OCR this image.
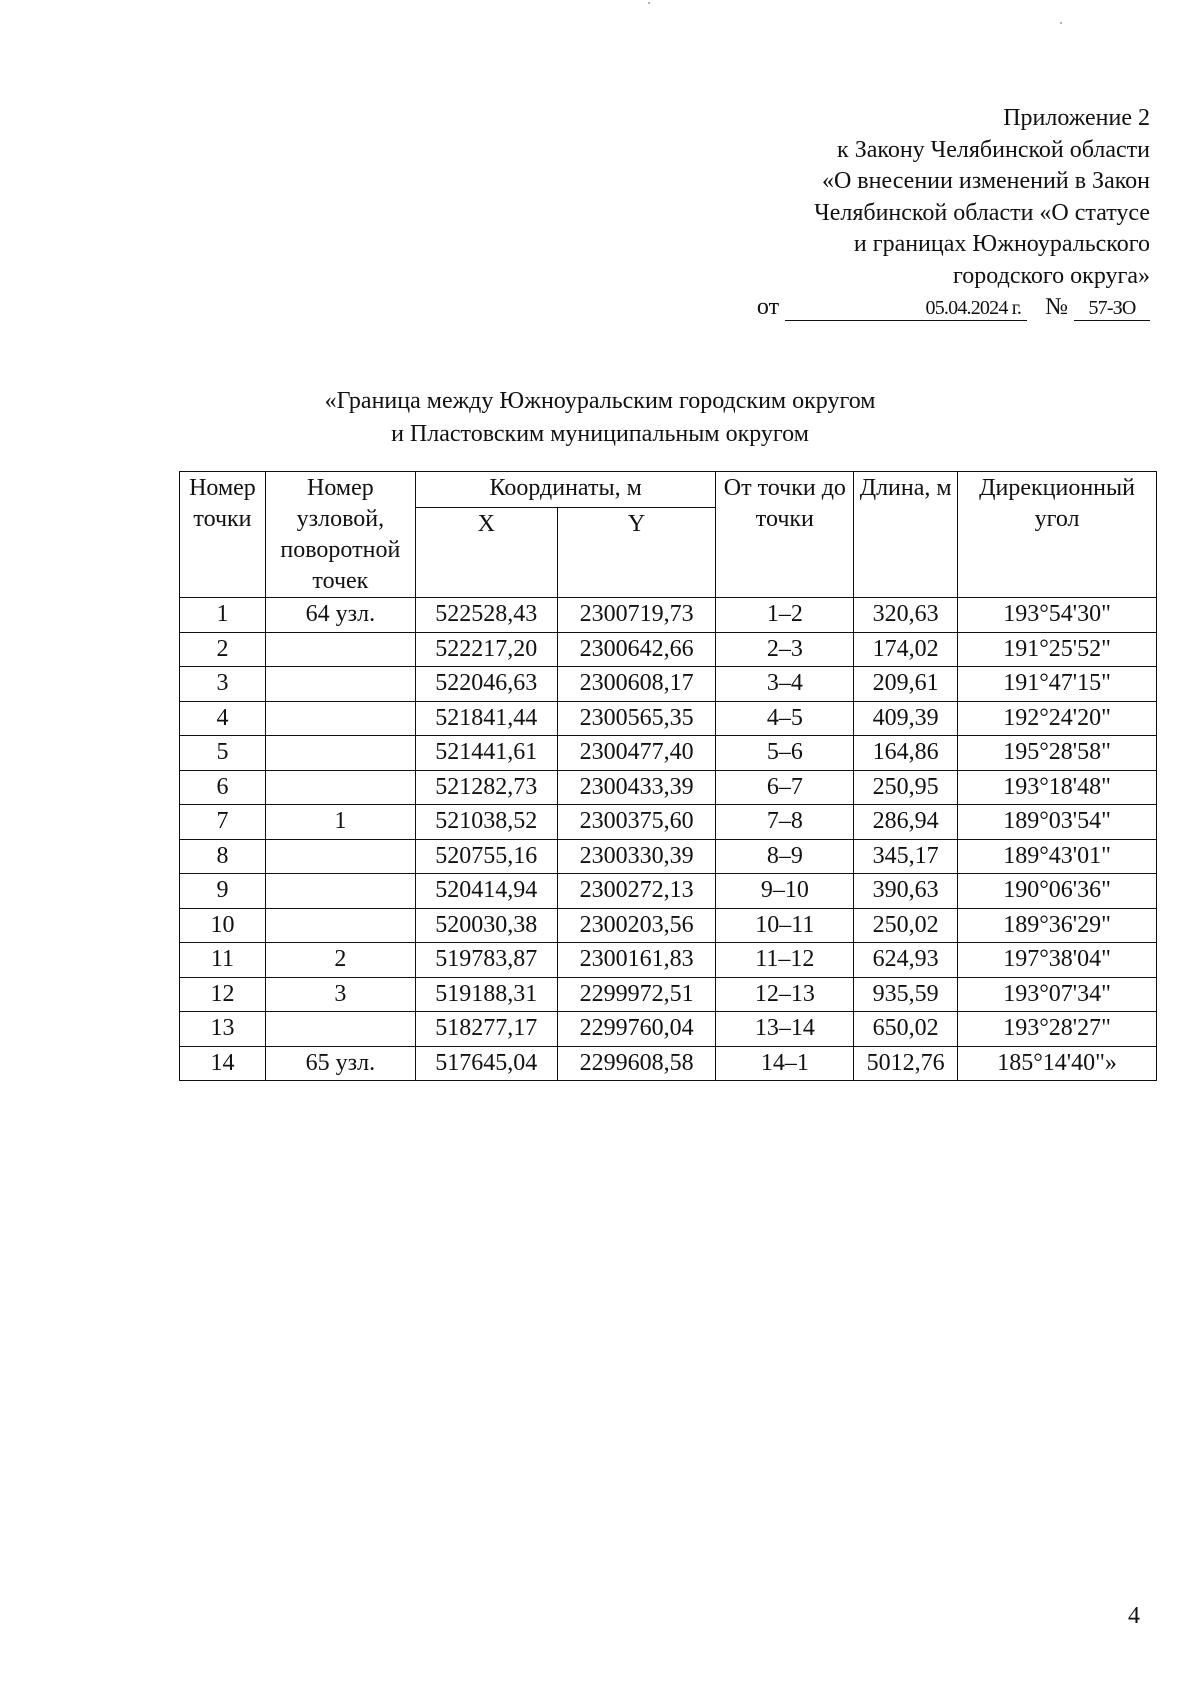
Приложение 2
к Закону Челябинской области
«О внесении изменений в Закон
Челябинской области «О статусе
и границах Южноуральского
городского округа»
от	05.04.2024 г. № 57-ЗО
«Граница между Южноуральским городским округом
и Пластовским муниципальным округом
Номер точки	Номер узловой, поворотной точек	Координаты, м		От точки до точки	Длина, м	Дирекционный угол
		X	Y			
1	64 узл.	522528,43	2300719,73	1–2	320,63	193°54'30"
2		522217,20	2300642,66	2–3	174,02	191°25'52"
3		522046,63	2300608,17	3–4	209,61	191°47'15"
4		521841,44	2300565,35	4–5	409,39	192°24'20"
5		521441,61	2300477,40	5–6	164,86	195°28'58"
6		521282,73	2300433,39	6–7	250,95	193°18'48"
7	1	521038,52	2300375,60	7–8	286,94	189°03'54"
8		520755,16	2300330,39	8–9	345,17	189°43'01"
9		520414,94	2300272,13	9–10	390,63	190°06'36"
10		520030,38	2300203,56	10–11	250,02	189°36'29"
11	2	519783,87	2300161,83	11–12	624,93	197°38'04"
12	3	519188,31	2299972,51	12–13	935,59	193°07'34"
13		518277,17	2299760,04	13–14	650,02	193°28'27"
14	65 узл.	517645,04	2299608,58	14–1	5012,76	185°14'40"»
4
